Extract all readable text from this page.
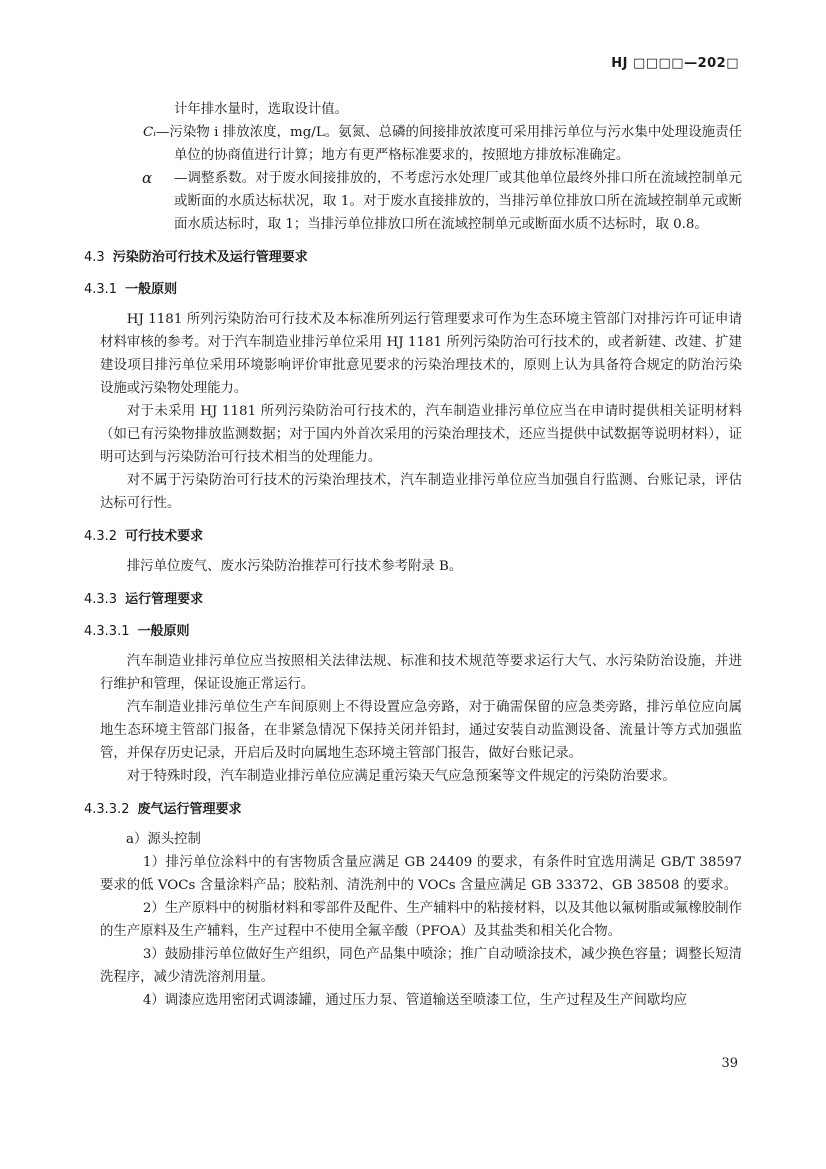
HJ □□□□—202□

计年排水量时，选取设计值。

Cᵢ—污染物 i 排放浓度，mg/L。氨氮、总磷的间接排放浓度可采用排污单位与污水集中处理设施责任单位的协商值进行计算；地方有更严格标准要求的，按照地方排放标准确定。

α —调整系数。对于废水间接排放的，不考虑污水处理厂或其他单位最终外排口所在流域控制单元或断面的水质达标状况，取 1。对于废水直接排放的，当排污单位排放口所在流域控制单元或断面水质达标时，取 1；当排污单位排放口所在流域控制单元或断面水质不达标时，取 0.8。

4.3 污染防治可行技术及运行管理要求
4.3.1 一般原则

HJ 1181 所列污染防治可行技术及本标准所列运行管理要求可作为生态环境主管部门对排污许可证申请材料审核的参考。对于汽车制造业排污单位采用 HJ 1181 所列污染防治可行技术的，或者新建、改建、扩建建设项目排污单位采用环境影响评价审批意见要求的污染治理技术的，原则上认为具备符合规定的防治污染设施或污染物处理能力。

对于未采用 HJ 1181 所列污染防治可行技术的，汽车制造业排污单位应当在申请时提供相关证明材料（如已有污染物排放监测数据；对于国内外首次采用的污染治理技术，还应当提供中试数据等说明材料），证明可达到与污染防治可行技术相当的处理能力。

对不属于污染防治可行技术的污染治理技术，汽车制造业排污单位应当加强自行监测、台账记录，评估达标可行性。

4.3.2 可行技术要求

排污单位废气、废水污染防治推荐可行技术参考附录 B。

4.3.3 运行管理要求
4.3.3.1 一般原则

汽车制造业排污单位应当按照相关法律法规、标准和技术规范等要求运行大气、水污染防治设施，并进行维护和管理，保证设施正常运行。

汽车制造业排污单位生产车间原则上不得设置应急旁路，对于确需保留的应急类旁路，排污单位应向属地生态环境主管部门报备，在非紧急情况下保持关闭并铅封，通过安装自动监测设备、流量计等方式加强监管，并保存历史记录，开启后及时向属地生态环境主管部门报告，做好台账记录。

对于特殊时段，汽车制造业排污单位应满足重污染天气应急预案等文件规定的污染防治要求。

4.3.3.2 废气运行管理要求

a）源头控制

1）排污单位涂料中的有害物质含量应满足 GB 24409 的要求，有条件时宜选用满足 GB/T 38597 要求的低 VOCs 含量涂料产品；胶粘剂、清洗剂中的 VOCs 含量应满足 GB 33372、GB 38508 的要求。

2）生产原料中的树脂材料和零部件及配件、生产辅料中的粘接材料，以及其他以氟树脂或氟橡胶制作的生产原料及生产辅料，生产过程中不使用全氟辛酸（PFOA）及其盐类和相关化合物。

3）鼓励排污单位做好生产组织，同色产品集中喷涂；推广自动喷涂技术，减少换色容量；调整长短清洗程序，减少清洗溶剂用量。

4）调漆应选用密闭式调漆罐，通过压力泵、管道输送至喷漆工位，生产过程及生产间歇均应

39
